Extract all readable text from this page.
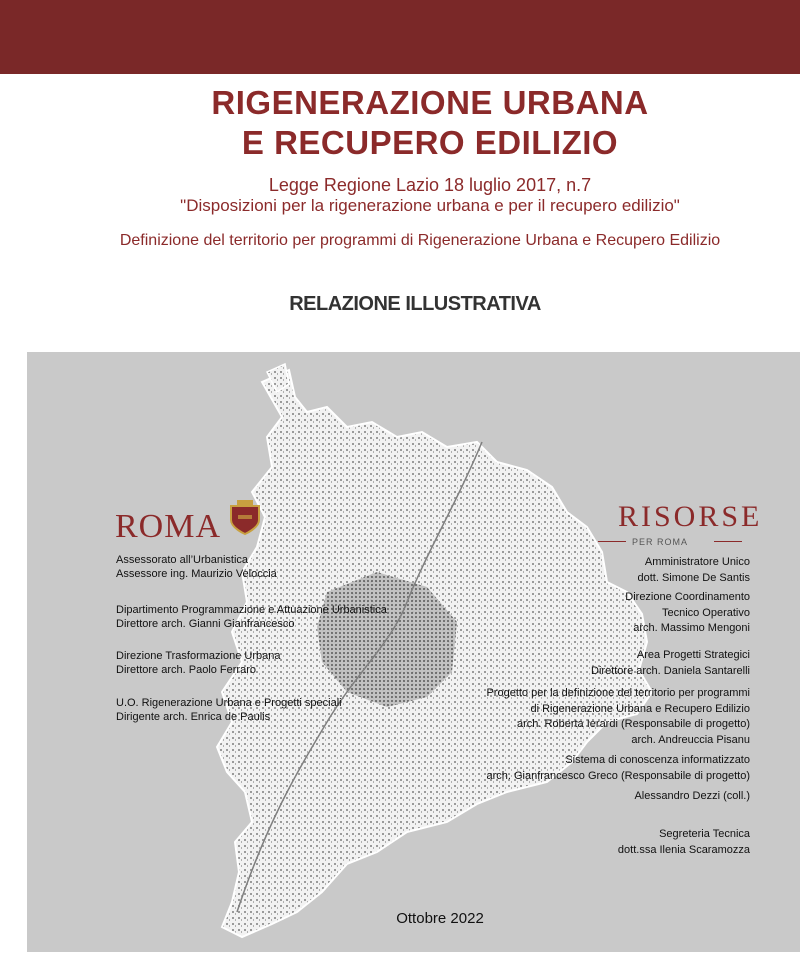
RIGENERAZIONE URBANA
E RECUPERO EDILIZIO
Legge Regione Lazio 18 luglio 2017, n.7
"Disposizioni per la rigenerazione urbana e per il recupero edilizio"
Definizione del territorio per programmi di Rigenerazione Urbana e Recupero Edilizio
RELAZIONE ILLUSTRATIVA
ROMA	RISORSE
PER ROMA
Assessorato all’Urbanistica
Assessore ing. Maurizio Veloccia
Dipartimento Programmazione e Attuazione Urbanistica
Direttore arch. Gianni Gianfrancesco
Direzione Trasformazione Urbana
Direttore arch. Paolo Ferraro
U.O. Rigenerazione Urbana e Progetti speciali
Dirigente arch. Enrica de Paulis
Amministratore Unico
dott. Simone De Santis
Direzione Coordinamento
Tecnico Operativo
arch. Massimo Mengoni
Area Progetti Strategici
Direttore arch. Daniela Santarelli
Progetto per la definizione del territorio per programmi
di Rigenerazione Urbana e Recupero Edilizio
arch. Roberta Ierardi (Responsabile di progetto)
arch. Andreuccia Pisanu
Sistema di conoscenza informatizzato
arch. Gianfrancesco Greco (Responsabile di progetto)
Alessandro Dezzi (coll.)
Segreteria Tecnica
dott.ssa Ilenia Scaramozza
Ottobre 2022
